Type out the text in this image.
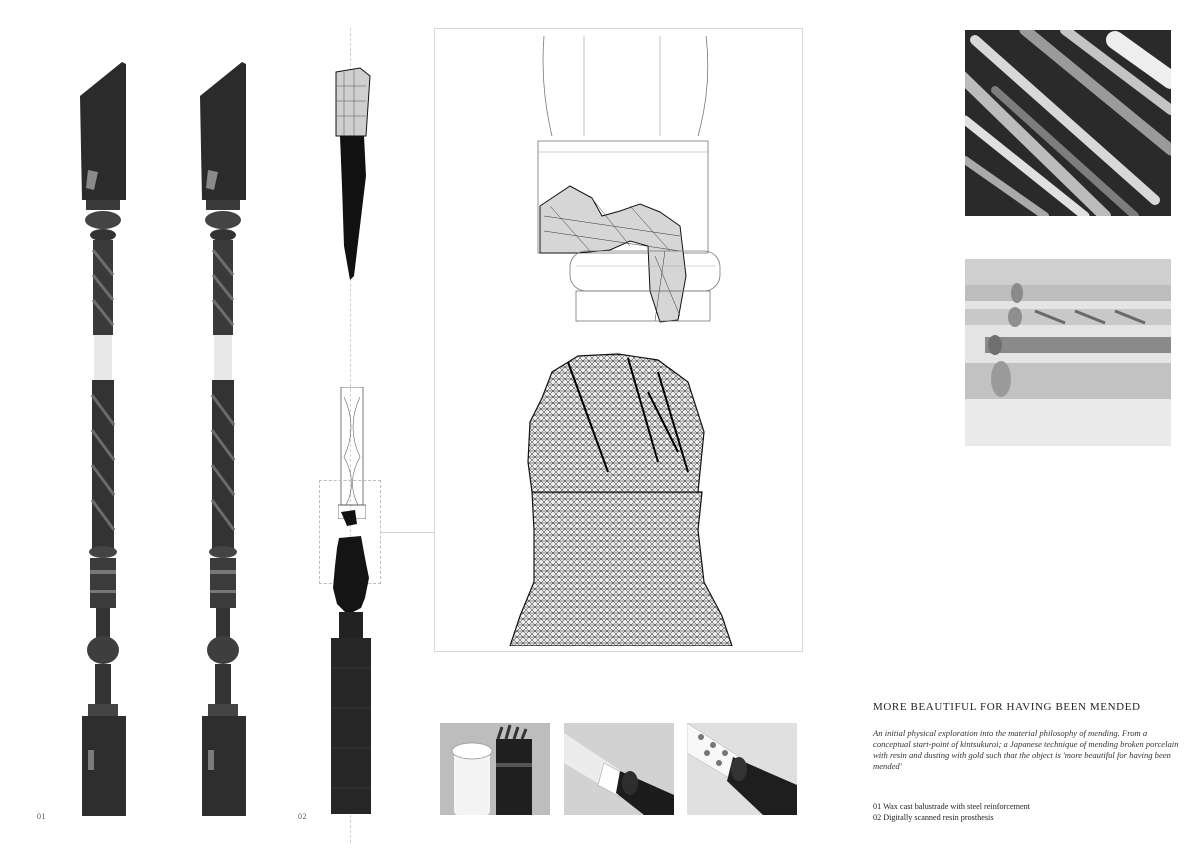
01	02
MORE BEAUTIFUL FOR HAVING BEEN MENDED
An initial physical exploration into the material philosophy of mending. From a conceptual start-point of kintsukuroi; a Japanese technique of mending broken porcelain with resin and dusting with gold such that the object is 'more beautiful for having been mended'
01 Wax cast balustrade with steel reinforcement
02 Digitally scanned resin prosthesis
